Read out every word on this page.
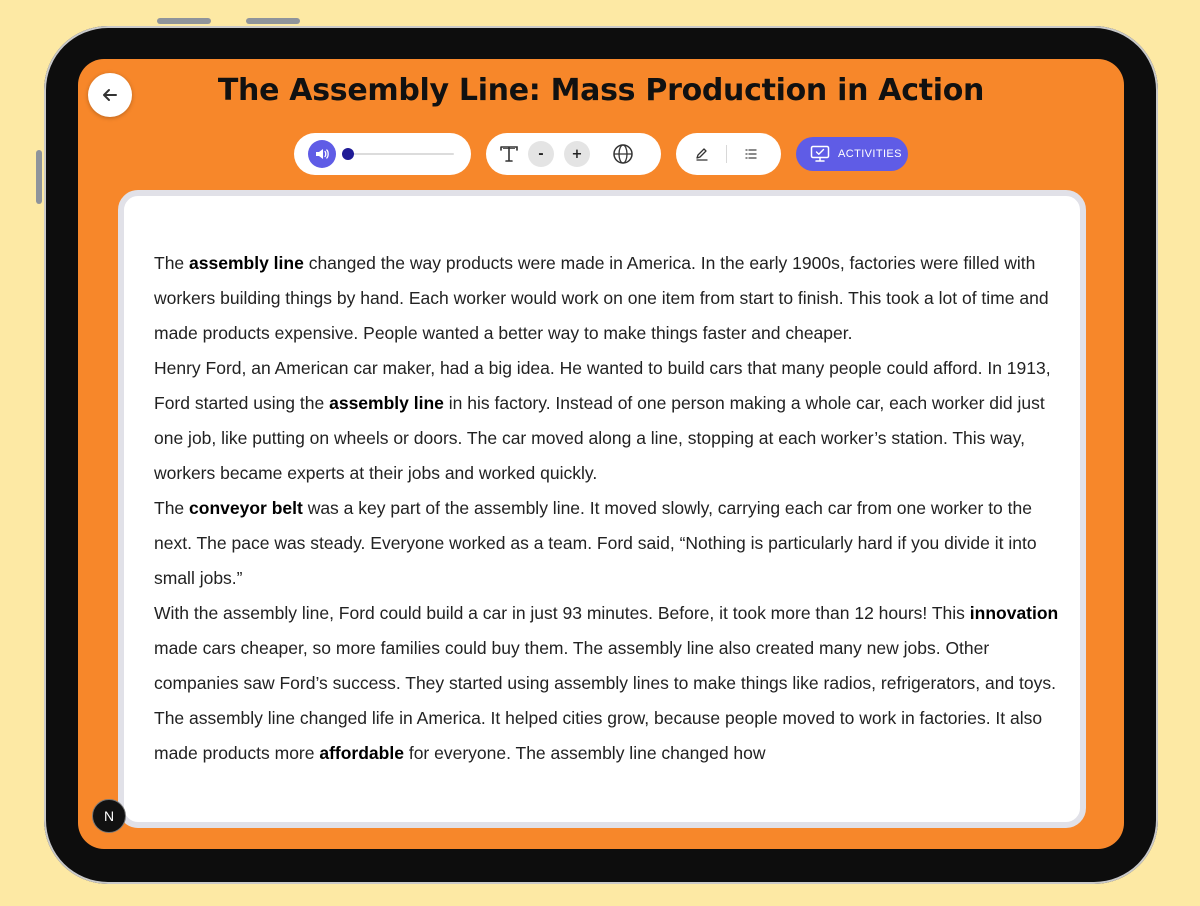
The Assembly Line: Mass Production in Action
-	+	ACTIVITIES

The assembly line changed the way products were made in America. In the early 1900s, factories were filled with workers building things by hand. Each worker would work on one item from start to finish. This took a lot of time and made products expensive. People wanted a better way to make things faster and cheaper.

Henry Ford, an American car maker, had a big idea. He wanted to build cars that many people could afford. In 1913, Ford started using the assembly line in his factory. Instead of one person making a whole car, each worker did just one job, like putting on wheels or doors. The car moved along a line, stopping at each worker’s station. This way, workers became experts at their jobs and worked quickly.

The conveyor belt was a key part of the assembly line. It moved slowly, carrying each car from one worker to the next. The pace was steady. Everyone worked as a team. Ford said, “Nothing is particularly hard if you divide it into small jobs.”

With the assembly line, Ford could build a car in just 93 minutes. Before, it took more than 12 hours! This innovation made cars cheaper, so more families could buy them. The assembly line also created many new jobs. Other companies saw Ford’s success. They started using assembly lines to make things like radios, refrigerators, and toys.

The assembly line changed life in America. It helped cities grow, because people moved to work in factories. It also made products more affordable for everyone. The assembly line changed how

N
